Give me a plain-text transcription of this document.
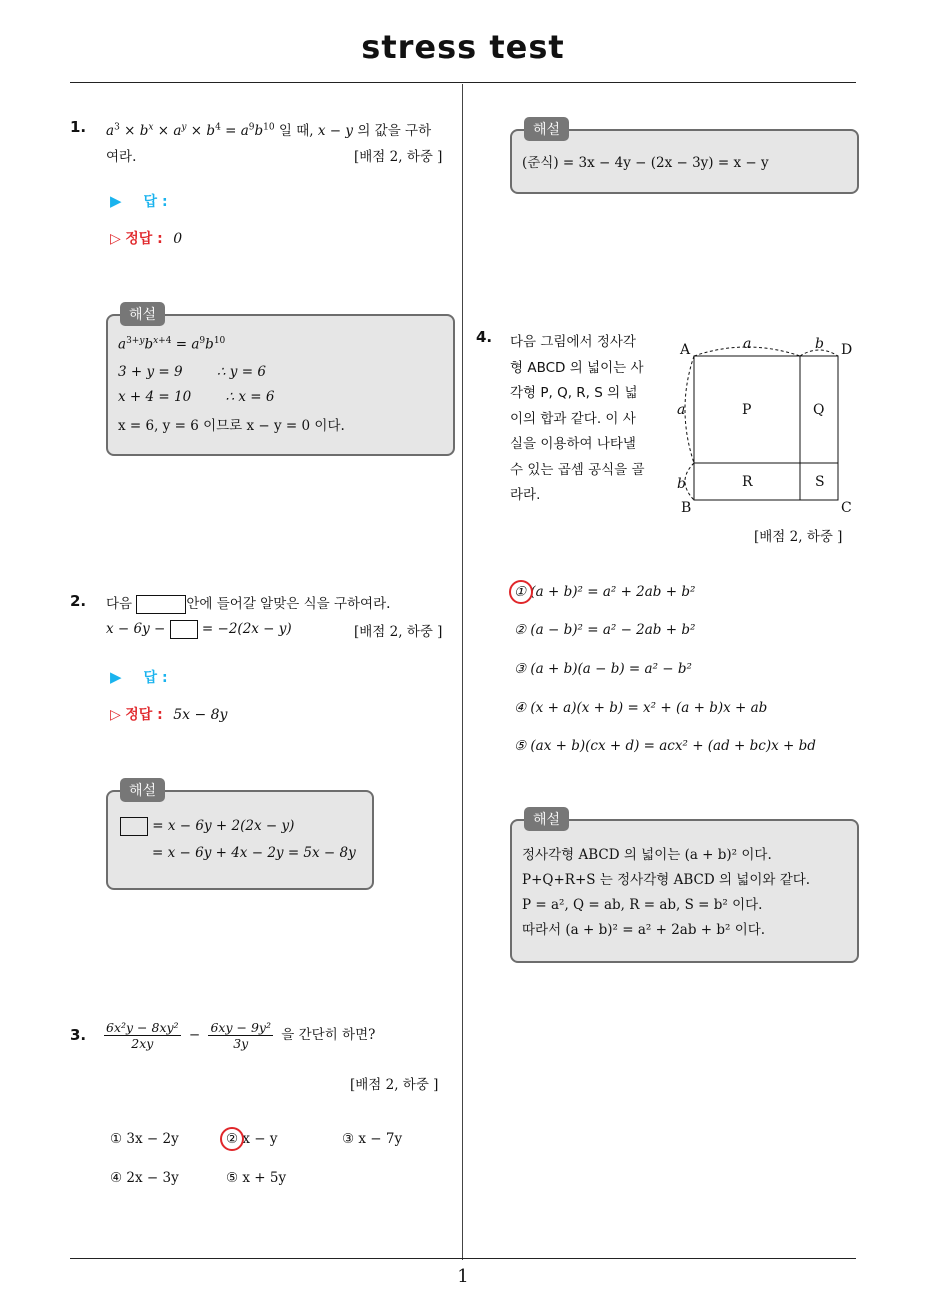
stress test
1
1. $a^3 \times b^x \times a^y \times b^4 = a^9b^{10}$ 일 때, x − y 의 값을 구하
여라.	[배점 2, 하중 ]
▶ 답 :
▷ 정답 : 0
해설
$a^{3+y}b^{x+4} = a^9b^{10}$
3 + y = 9        ∴ y = 6
x + 4 = 10        ∴ x = 6
x = 6, y = 6 이므로 x − y = 0 이다.
해설
(준식) = 3x − 4y − (2x − 3y) = x − y
2. 다음	안에 들어갈 알맞은 식을 구하여라.
x − 6y −	= −2(2x − y)	[배점 2, 하중 ]
▶ 답 :
▷ 정답 : 5x − 8y
해설
= x − 6y + 2(2x − y)
= x − 6y + 4x − 2y = 5x − 8y
3. $\frac{\text{6x²y − 8xy²}}{2xy} - \frac{\text{6xy − 9y²}}{3y}$ 을 간단히 하면?
[배점 2, 하중 ]
① 3x − 2y	② x − y	③ x − 7y
④ 2x − 3y	⑤ x + 5y
4. 다음 그림에서 정사각
형 ABCD 의 넓이는 사
각형 P, Q, R, S 의 넓
이의 합과 같다. 이 사
실을 이용하여 나타낼
수 있는 곱셈 공식을 골
라라.
A	D
B	C
P	Q
R	S
a	b
a
b
[배점 2, 하중 ]
① (a + b)² = a² + 2ab + b²
② (a − b)² = a² − 2ab + b²
③ (a + b)(a − b) = a² − b²
④ (x + a)(x + b) = x² + (a + b)x + ab
⑤ (ax + b)(cx + d) = acx² + (ad + bc)x + bd
해설
정사각형 ABCD 의 넓이는 (a + b)² 이다.
P+Q+R+S 는 정사각형 ABCD 의 넓이와 같다.
P = a², Q = ab, R = ab, S = b² 이다.
따라서 (a + b)² = a² + 2ab + b² 이다.
